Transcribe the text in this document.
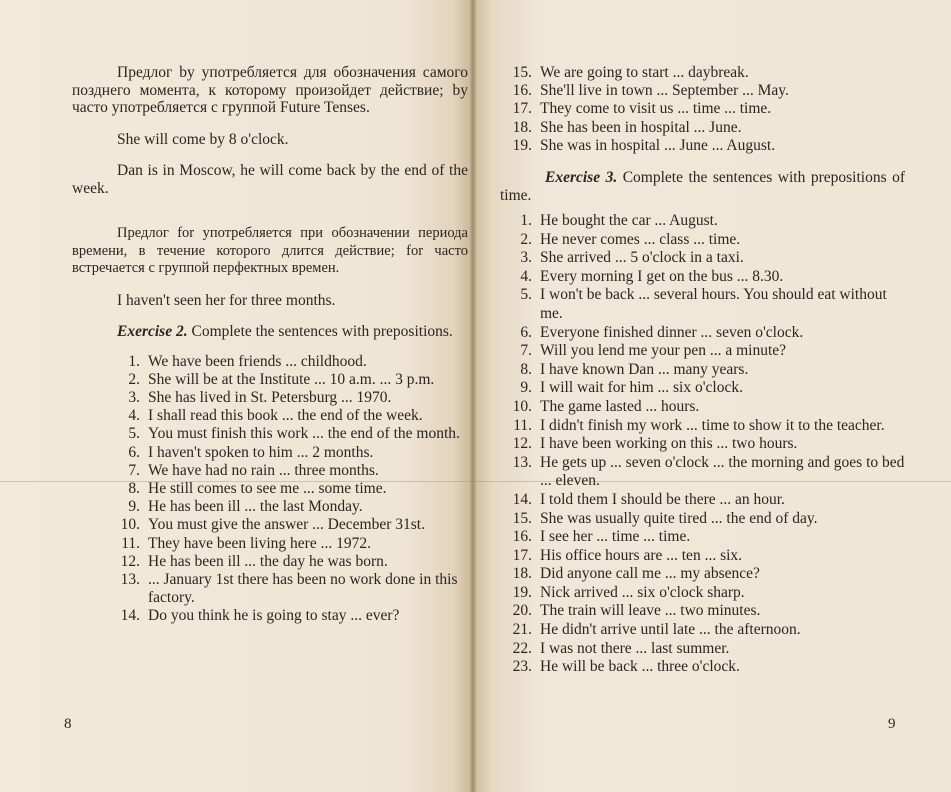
Предлог by употребляется для обозначения самого позднего момента, к которому произойдет действие; by часто употребляется с группой Future Tenses.

She will come by 8 o'clock.

Dan is in Moscow, he will come back by the end of the week.

Предлог for употребляется при обозначении периода времени, в течение которого длится действие; for часто встречается с группой перфектных времен.

I haven't seen her for three months.

Exercise 2. Complete the sentences with prepositions.

1. We have been friends ... childhood.
2. She will be at the Institute ... 10 a.m. ... 3 p.m.
3. She has lived in St. Petersburg ... 1970.
4. I shall read this book ... the end of the week.
5. You must finish this work ... the end of the month.
6. I haven't spoken to him ... 2 months.
7. We have had no rain ... three months.
8. He still comes to see me ... some time.
9. He has been ill ... the last Monday.
10. You must give the answer ... December 31st.
11. They have been living here ... 1972.
12. He has been ill ... the day he was born.
13. ... January 1st there has been no work done in this factory.
14. Do you think he is going to stay ... ever?
8
15. We are going to start ... daybreak.
16. She'll live in town ... September ... May.
17. They come to visit us ... time ... time.
18. She has been in hospital ... June.
19. She was in hospital ... June ... August.

Exercise 3. Complete the sentences with prepositions of time.

1. He bought the car ... August.
2. He never comes ... class ... time.
3. She arrived ... 5 o'clock in a taxi.
4. Every morning I get on the bus ... 8.30.
5. I won't be back ... several hours. You should eat without me.
6. Everyone finished dinner ... seven o'clock.
7. Will you lend me your pen ... a minute?
8. I have known Dan ... many years.
9. I will wait for him ... six o'clock.
10. The game lasted ... hours.
11. I didn't finish my work ... time to show it to the teacher.
12. I have been working on this ... two hours.
13. He gets up ... seven o'clock ... the morning and goes to bed ... eleven.
14. I told them I should be there ... an hour.
15. She was usually quite tired ... the end of day.
16. I see her ... time ... time.
17. His office hours are ... ten ... six.
18. Did anyone call me ... my absence?
19. Nick arrived ... six o'clock sharp.
20. The train will leave ... two minutes.
21. He didn't arrive until late ... the afternoon.
22. I was not there ... last summer.
23. He will be back ... three o'clock.
9
